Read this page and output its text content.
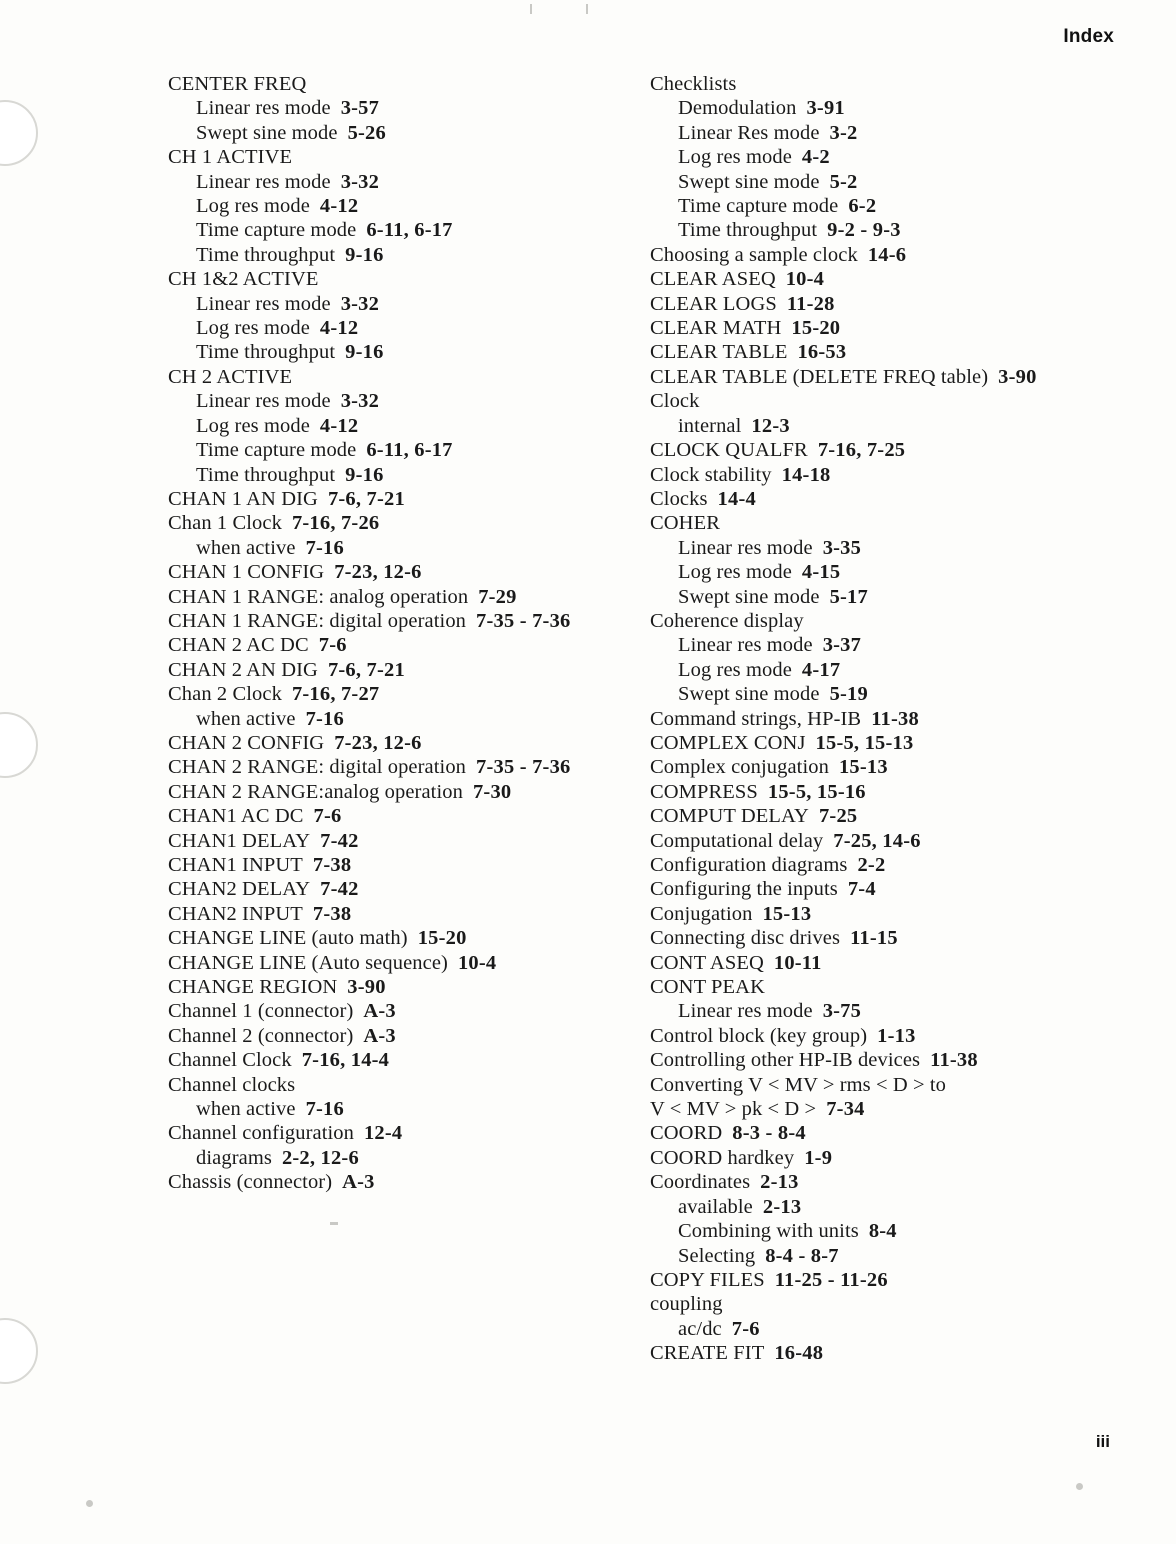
Index
CENTER FREQ
Linear res mode 3-57
Swept sine mode 5-26
CH 1 ACTIVE
Linear res mode 3-32
Log res mode 4-12
Time capture mode 6-11, 6-17
Time throughput 9-16
CH 1&2 ACTIVE
Linear res mode 3-32
Log res mode 4-12
Time throughput 9-16
CH 2 ACTIVE
Linear res mode 3-32
Log res mode 4-12
Time capture mode 6-11, 6-17
Time throughput 9-16
CHAN 1 AN DIG 7-6, 7-21
Chan 1 Clock 7-16, 7-26
when active 7-16
CHAN 1 CONFIG 7-23, 12-6
CHAN 1 RANGE: analog operation 7-29
CHAN 1 RANGE: digital operation 7-35 - 7-36
CHAN 2 AC DC 7-6
CHAN 2 AN DIG 7-6, 7-21
Chan 2 Clock 7-16, 7-27
when active 7-16
CHAN 2 CONFIG 7-23, 12-6
CHAN 2 RANGE: digital operation 7-35 - 7-36
CHAN 2 RANGE:analog operation 7-30
CHAN1 AC DC 7-6
CHAN1 DELAY 7-42
CHAN1 INPUT 7-38
CHAN2 DELAY 7-42
CHAN2 INPUT 7-38
CHANGE LINE (auto math) 15-20
CHANGE LINE (Auto sequence) 10-4
CHANGE REGION 3-90
Channel 1 (connector) A-3
Channel 2 (connector) A-3
Channel Clock 7-16, 14-4
Channel clocks
when active 7-16
Channel configuration 12-4
diagrams 2-2, 12-6
Chassis (connector) A-3
Checklists
Demodulation 3-91
Linear Res mode 3-2
Log res mode 4-2
Swept sine mode 5-2
Time capture mode 6-2
Time throughput 9-2 - 9-3
Choosing a sample clock 14-6
CLEAR ASEQ 10-4
CLEAR LOGS 11-28
CLEAR MATH 15-20
CLEAR TABLE 16-53
CLEAR TABLE (DELETE FREQ table) 3-90
Clock
internal 12-3
CLOCK QUALFR 7-16, 7-25
Clock stability 14-18
Clocks 14-4
COHER
Linear res mode 3-35
Log res mode 4-15
Swept sine mode 5-17
Coherence display
Linear res mode 3-37
Log res mode 4-17
Swept sine mode 5-19
Command strings, HP-IB 11-38
COMPLEX CONJ 15-5, 15-13
Complex conjugation 15-13
COMPRESS 15-5, 15-16
COMPUT DELAY 7-25
Computational delay 7-25, 14-6
Configuration diagrams 2-2
Configuring the inputs 7-4
Conjugation 15-13
Connecting disc drives 11-15
CONT ASEQ 10-11
CONT PEAK
Linear res mode 3-75
Control block (key group) 1-13
Controlling other HP-IB devices 11-38
Converting V < MV > rms < D > to
V < MV > pk < D > 7-34
COORD 8-3 - 8-4
COORD hardkey 1-9
Coordinates 2-13
available 2-13
Combining with units 8-4
Selecting 8-4 - 8-7
COPY FILES 11-25 - 11-26
coupling
ac/dc 7-6
CREATE FIT 16-48
iii
